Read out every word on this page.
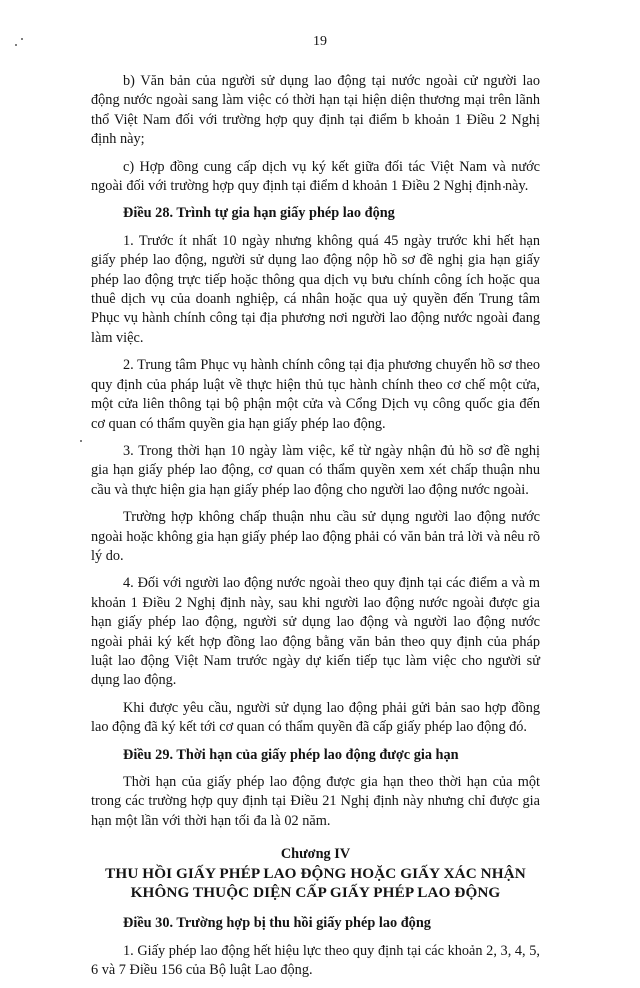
19

b) Văn bản của người sử dụng lao động tại nước ngoài cử người lao động nước ngoài sang làm việc có thời hạn tại hiện diện thương mại trên lãnh thổ Việt Nam đối với trường hợp quy định tại điểm b khoản 1 Điều 2 Nghị định này;

c) Hợp đồng cung cấp dịch vụ ký kết giữa đối tác Việt Nam và nước ngoài đối với trường hợp quy định tại điểm d khoản 1 Điều 2 Nghị định này.

Điều 28. Trình tự gia hạn giấy phép lao động

1. Trước ít nhất 10 ngày nhưng không quá 45 ngày trước khi hết hạn giấy phép lao động, người sử dụng lao động nộp hồ sơ đề nghị gia hạn giấy phép lao động trực tiếp hoặc thông qua dịch vụ bưu chính công ích hoặc qua thuê dịch vụ của doanh nghiệp, cá nhân hoặc qua uỷ quyền đến Trung tâm Phục vụ hành chính công tại địa phương nơi người lao động nước ngoài đang làm việc.

2. Trung tâm Phục vụ hành chính công tại địa phương chuyển hồ sơ theo quy định của pháp luật về thực hiện thủ tục hành chính theo cơ chế một cửa, một cửa liên thông tại bộ phận một cửa và Cổng Dịch vụ công quốc gia đến cơ quan có thẩm quyền gia hạn giấy phép lao động.

3. Trong thời hạn 10 ngày làm việc, kể từ ngày nhận đủ hồ sơ đề nghị gia hạn giấy phép lao động, cơ quan có thẩm quyền xem xét chấp thuận nhu cầu và thực hiện gia hạn giấy phép lao động cho người lao động nước ngoài.

Trường hợp không chấp thuận nhu cầu sử dụng người lao động nước ngoài hoặc không gia hạn giấy phép lao động phải có văn bản trả lời và nêu rõ lý do.

4. Đối với người lao động nước ngoài theo quy định tại các điểm a và m khoản 1 Điều 2 Nghị định này, sau khi người lao động nước ngoài được gia hạn giấy phép lao động, người sử dụng lao động và người lao động nước ngoài phải ký kết hợp đồng lao động bằng văn bản theo quy định của pháp luật lao động Việt Nam trước ngày dự kiến tiếp tục làm việc cho người sử dụng lao động.

Khi được yêu cầu, người sử dụng lao động phải gửi bản sao hợp đồng lao động đã ký kết tới cơ quan có thẩm quyền đã cấp giấy phép lao động đó.

Điều 29. Thời hạn của giấy phép lao động được gia hạn

Thời hạn của giấy phép lao động được gia hạn theo thời hạn của một trong các trường hợp quy định tại Điều 21 Nghị định này nhưng chỉ được gia hạn một lần với thời hạn tối đa là 02 năm.

Chương IV
THU HỒI GIẤY PHÉP LAO ĐỘNG HOẶC GIẤY XÁC NHẬN
KHÔNG THUỘC DIỆN CẤP GIẤY PHÉP LAO ĐỘNG
Điều 30. Trường hợp bị thu hồi giấy phép lao động

1. Giấy phép lao động hết hiệu lực theo quy định tại các khoản 2, 3, 4, 5, 6 và 7 Điều 156 của Bộ luật Lao động.
